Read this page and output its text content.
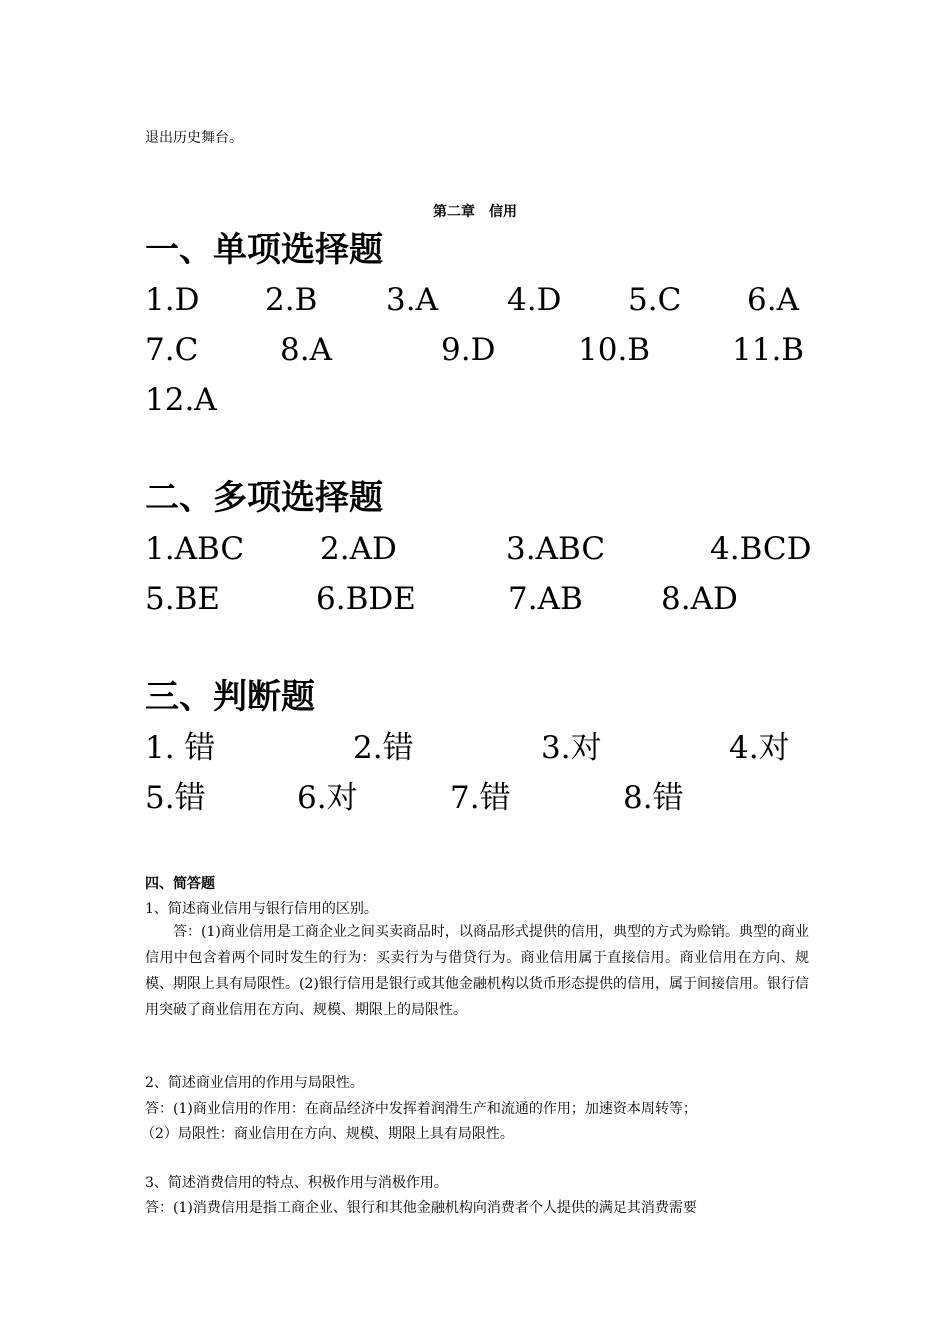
退出历史舞台。
第二章　信用
一、单项选择题
1.D 2.B 3.A 4.D 5.C 6.A
7.C	8.A	9.D	10.B	11.B
12.A
二、多项选择题
1.ABC 2.AD	3.ABC	4.BCD
5.BE	6.BDE	7.AB	8.AD
三、判断题
1. 错	2.错	3.对	4.对
5.错	6.对	7.错	8.错
四、简答题
1、简述商业信用与银行信用的区别。
答：(1)商业信用是工商企业之间买卖商品时，以商品形式提供的信用，典型的方式为赊销。典型的商业信用中包含着两个同时发生的行为：买卖行为与借贷行为。商业信用属于直接信用。商业信用在方向、规模、期限上具有局限性。(2)银行信用是银行或其他金融机构以货币形态提供的信用，属于间接信用。银行信用突破了商业信用在方向、规模、期限上的局限性。
2、简述商业信用的作用与局限性。
答：(1)商业信用的作用：在商品经济中发挥着润滑生产和流通的作用；加速资本周转等；
（2）局限性：商业信用在方向、规模、期限上具有局限性。
3、简述消费信用的特点、积极作用与消极作用。
答：(1)消费信用是指工商企业、银行和其他金融机构向消费者个人提供的满足其消费需要
